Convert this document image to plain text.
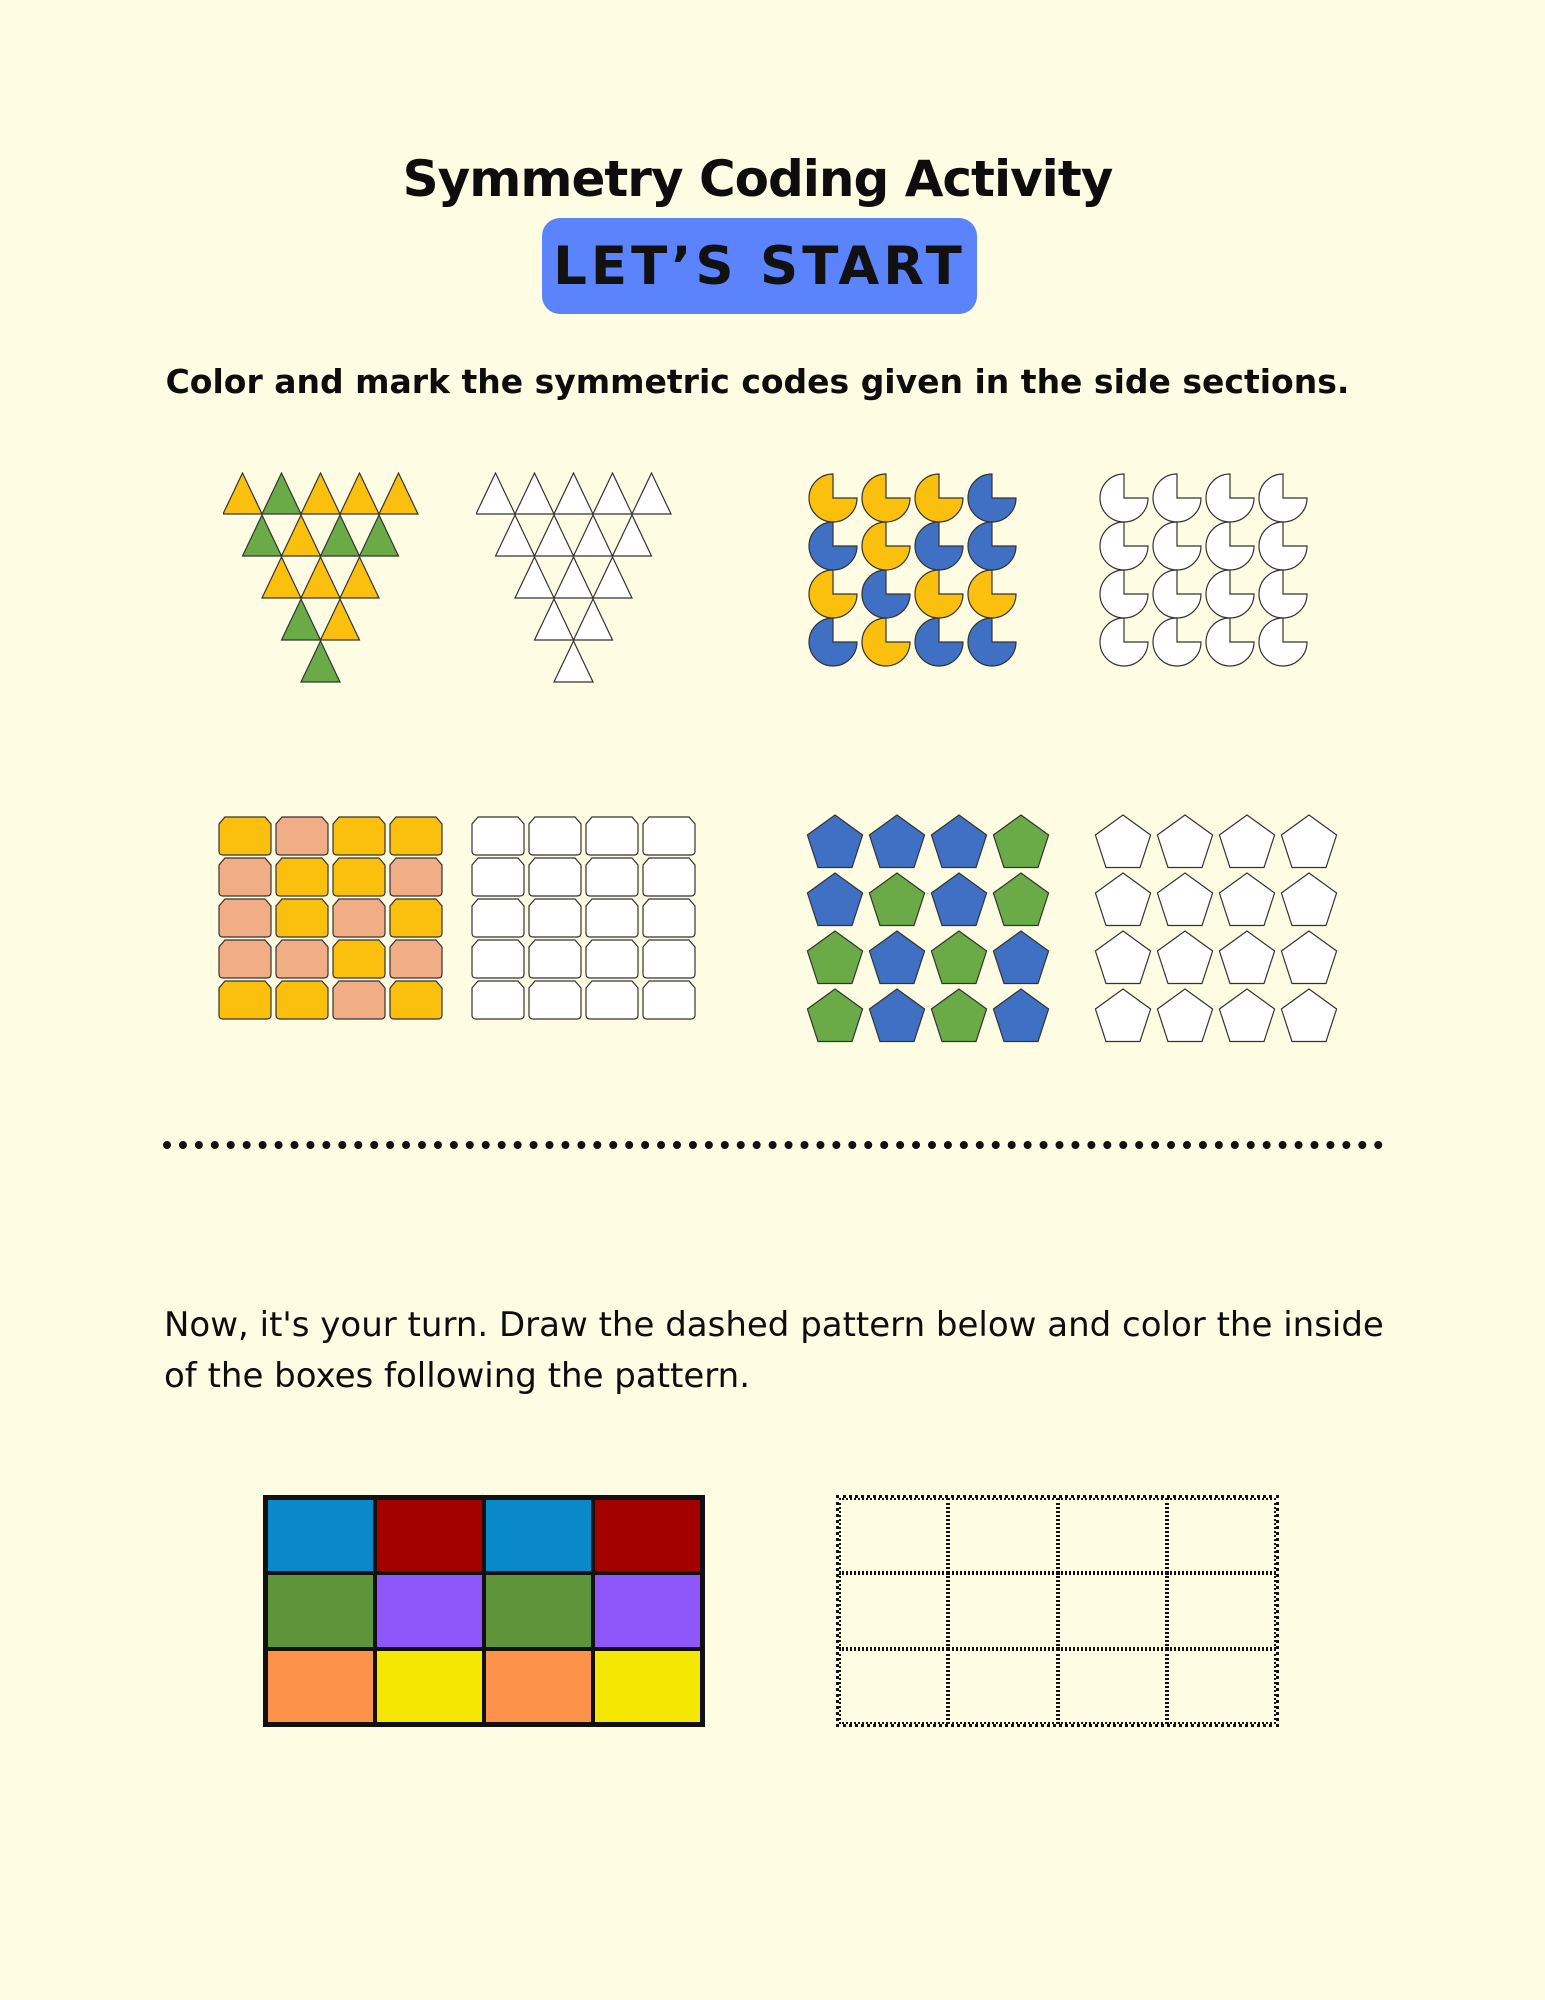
Symmetry Coding Activity
LET’S START
Color and mark the symmetric codes given in the side sections.
Now, it's your turn. Draw the dashed pattern below and color the inside of the boxes following the pattern.
